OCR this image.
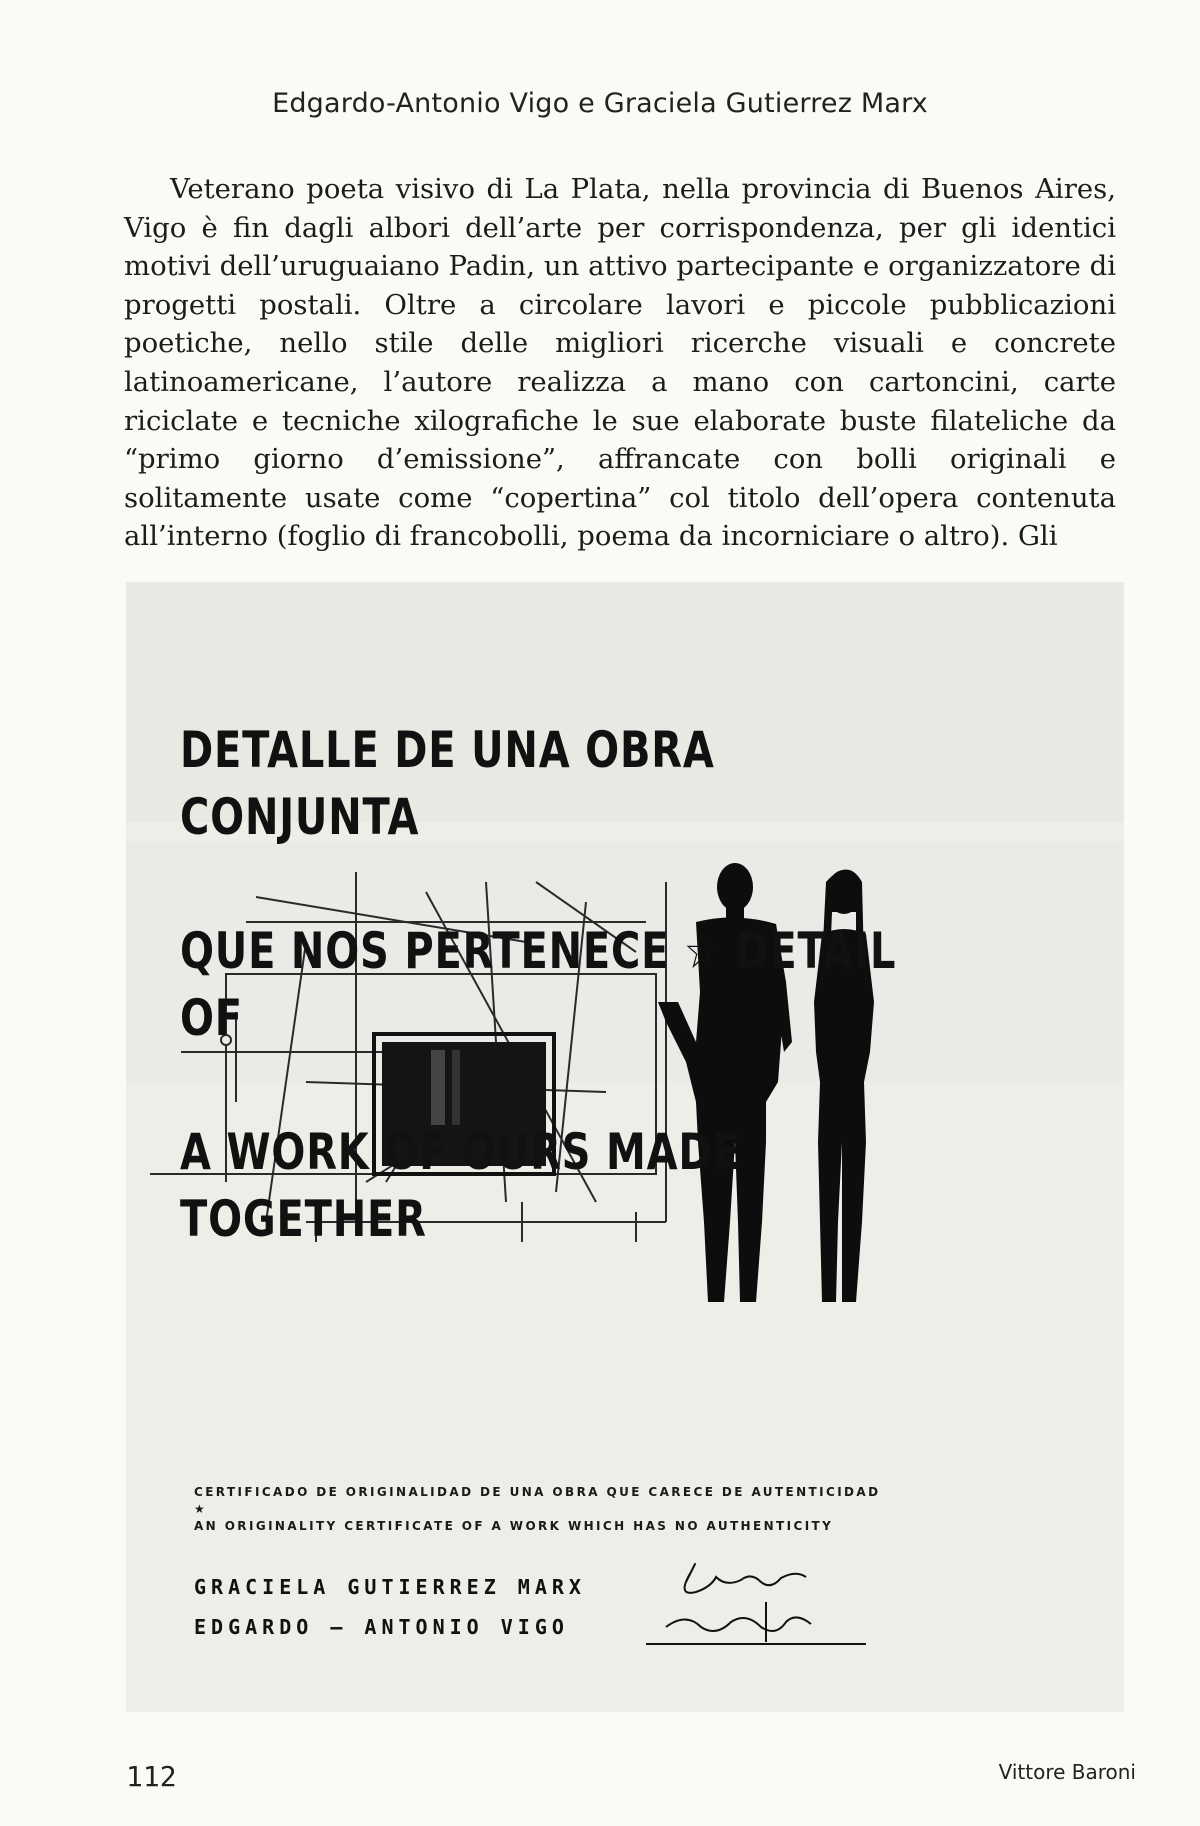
Edgardo-Antonio Vigo e Graciela Gutierrez Marx

Veterano poeta visivo di La Plata, nella provincia di Buenos Aires, Vigo è fin dagli albori dell’arte per corrispondenza, per gli identici motivi dell’uruguaiano Padin, un attivo partecipante e organizzatore di progetti postali. Oltre a circolare lavori e piccole pubblicazioni poetiche, nello stile delle migliori ricerche visuali e concrete latinoamericane, l’autore realizza a mano con cartoncini, carte riciclate e tecniche xilografiche le sue elaborate buste filateliche da “primo giorno d’emissione”, affrancate con bolli originali e solitamente usate come “copertina” col titolo dell’opera contenuta all’interno (foglio di francobolli, poema da incorniciare o altro). Gli

DETALLE DE UNA OBRA CONJUNTA

QUE NOS PERTENECE ☆ DETAIL OF

A WORK OF OURS MADE TOGETHER

CERTIFICADO DE ORIGINALIDAD DE UNA OBRA QUE CARECE DE AUTENTICIDAD
★
AN ORIGINALITY CERTIFICATE OF A WORK WHICH HAS NO AUTHENTICITY
GRACIELA GUTIERREZ MARX
EDGARDO — ANTONIO VIGO
112	Vittore Baroni
